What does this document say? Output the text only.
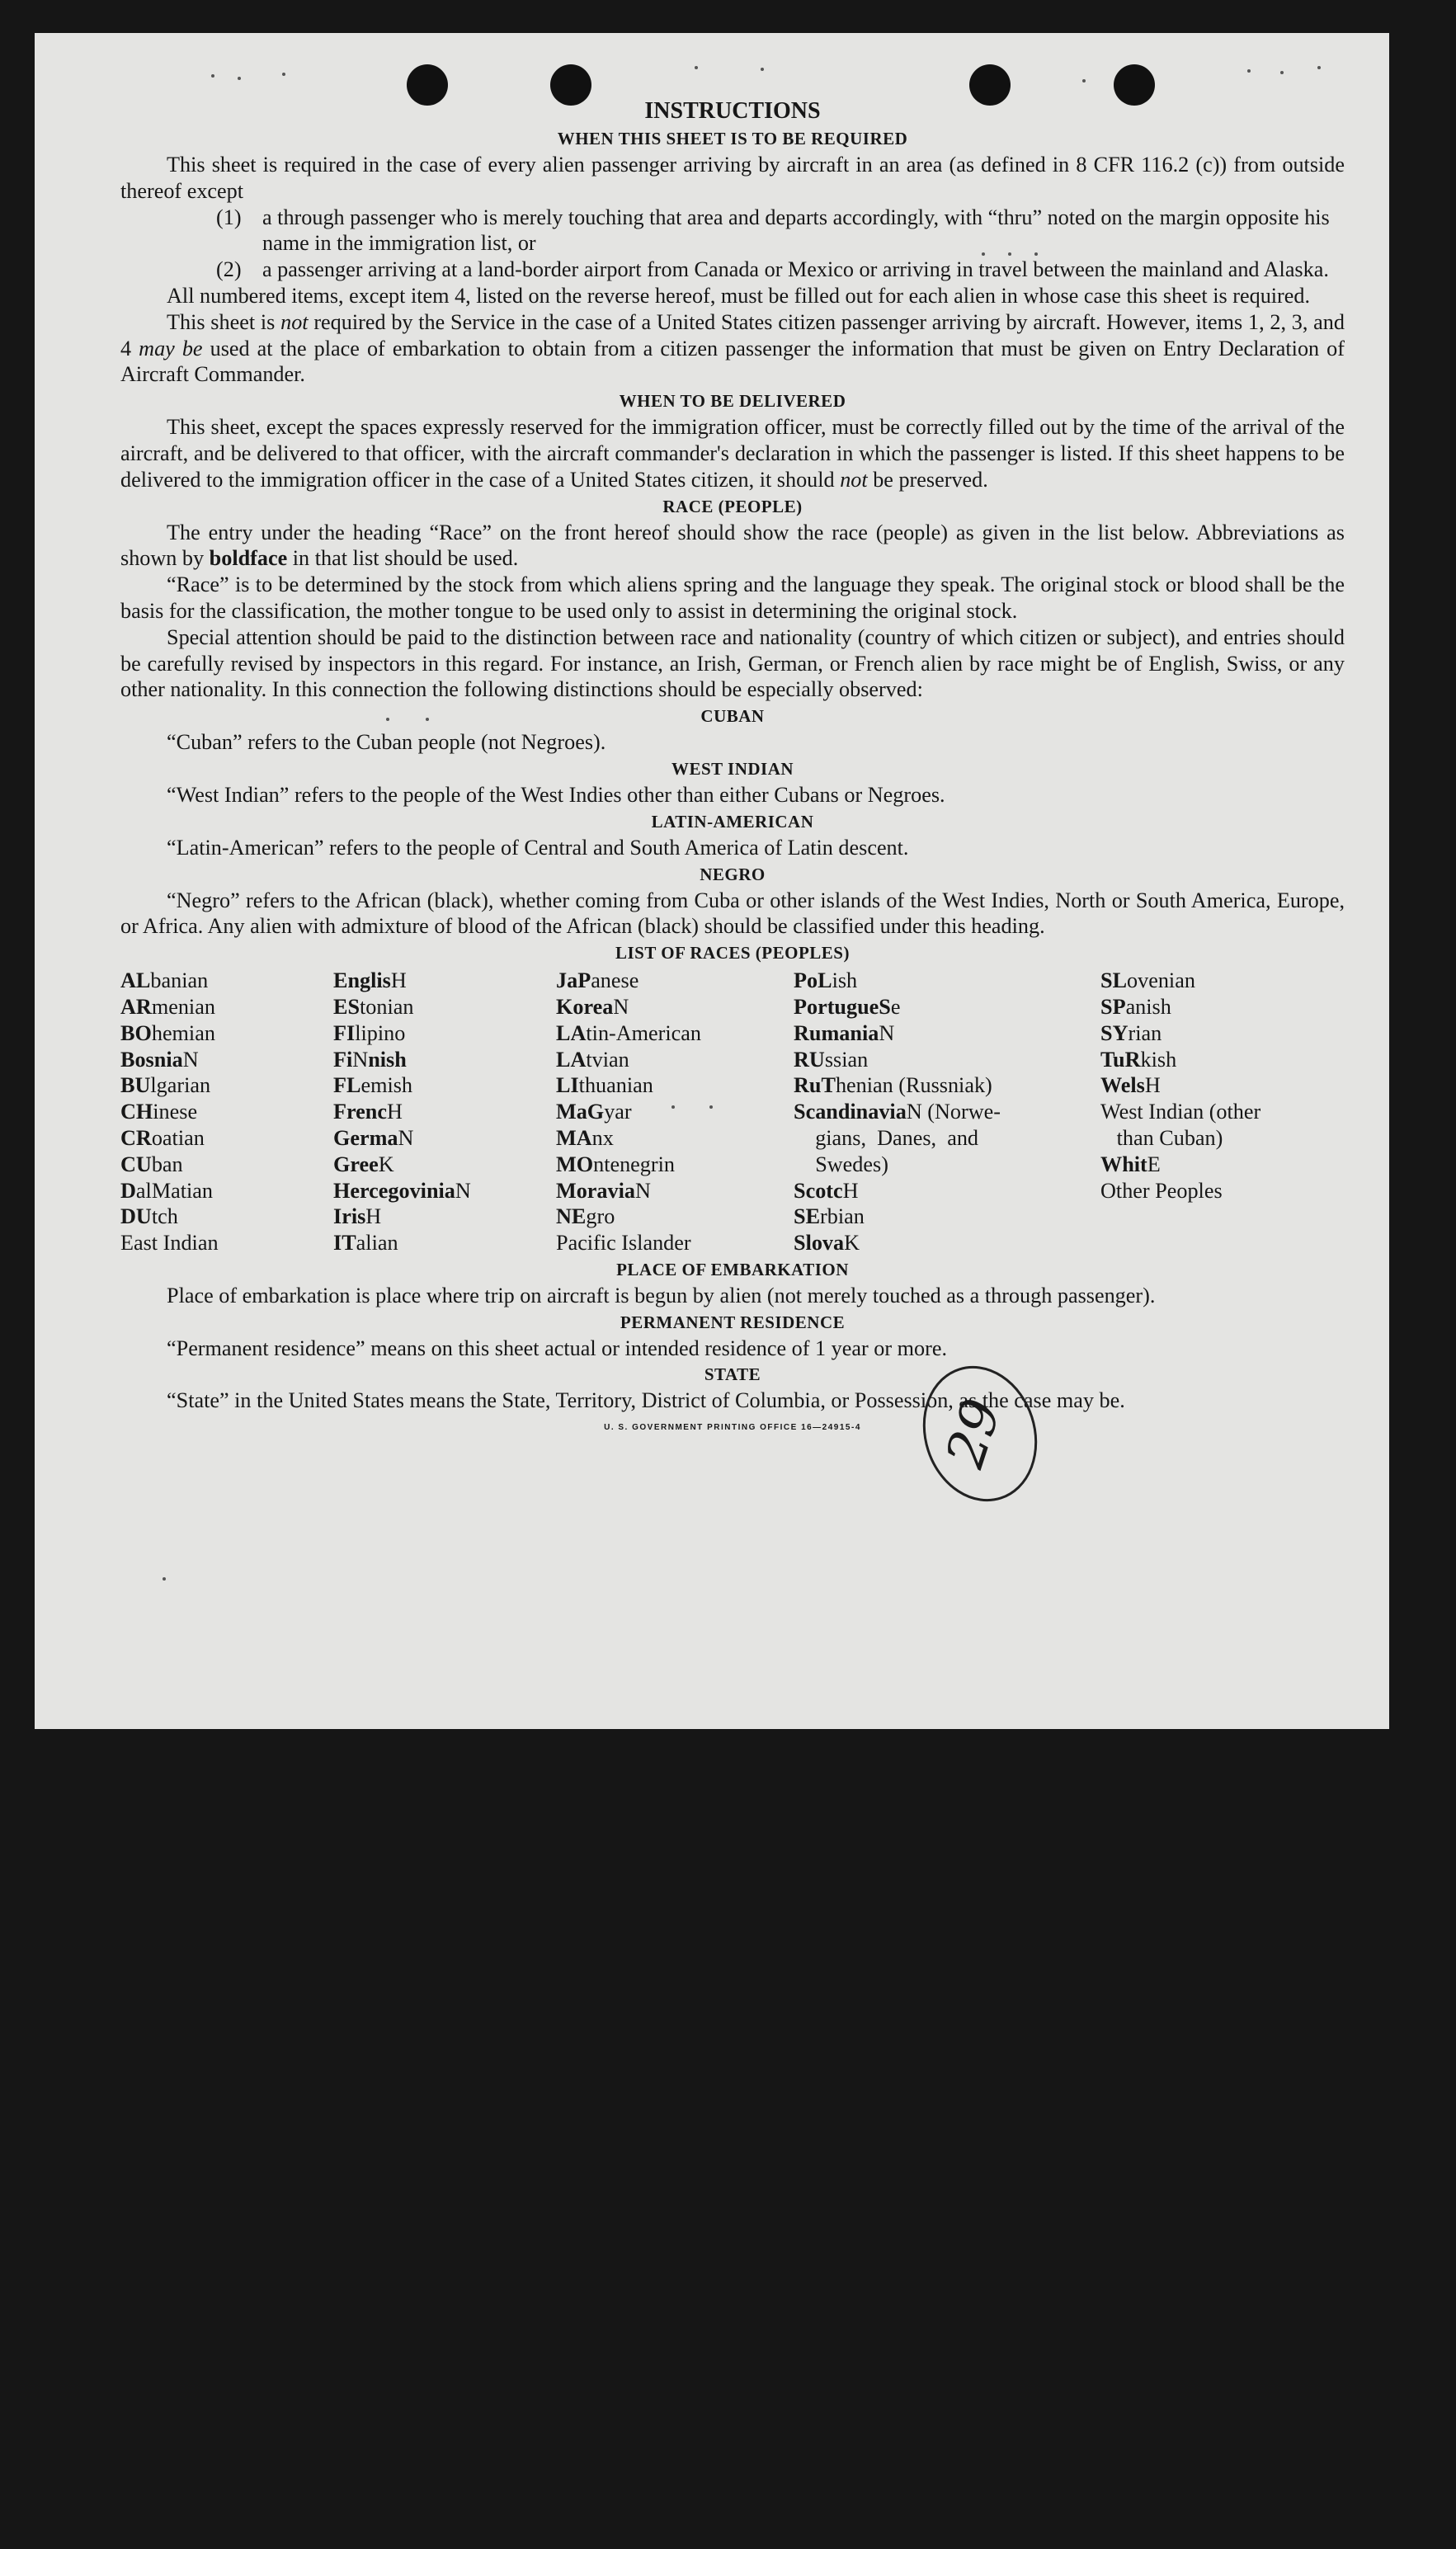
INSTRUCTIONS
WHEN THIS SHEET IS TO BE REQUIRED

This sheet is required in the case of every alien passenger arriving by aircraft in an area (as defined in 8 CFR 116.2 (c)) from outside thereof except

(1) a through passenger who is merely touching that area and departs accordingly, with “thru” noted on the margin opposite his name in the immigration list, or

(2) a passenger arriving at a land-border airport from Canada or Mexico or arriving in travel between the mainland and Alaska.

All numbered items, except item 4, listed on the reverse hereof, must be filled out for each alien in whose case this sheet is required.

This sheet is not required by the Service in the case of a United States citizen passenger arriving by aircraft. However, items 1, 2, 3, and 4 may be used at the place of embarkation to obtain from a citizen passenger the information that must be given on Entry Declaration of Aircraft Commander.

WHEN TO BE DELIVERED

This sheet, except the spaces expressly reserved for the immigration officer, must be correctly filled out by the time of the arrival of the aircraft, and be delivered to that officer, with the aircraft commander's declaration in which the passenger is listed. If this sheet happens to be delivered to the immigration officer in the case of a United States citizen, it should not be preserved.

RACE (PEOPLE)

The entry under the heading “Race” on the front hereof should show the race (people) as given in the list below. Abbreviations as shown by boldface in that list should be used.

“Race” is to be determined by the stock from which aliens spring and the language they speak. The original stock or blood shall be the basis for the classification, the mother tongue to be used only to assist in determining the original stock.

Special attention should be paid to the distinction between race and nationality (country of which citizen or subject), and entries should be carefully revised by inspectors in this regard. For instance, an Irish, German, or French alien by race might be of English, Swiss, or any other nationality. In this connection the following distinctions should be especially observed:

CUBAN

“Cuban” refers to the Cuban people (not Negroes).

WEST INDIAN

“West Indian” refers to the people of the West Indies other than either Cubans or Negroes.

LATIN-AMERICAN

“Latin-American” refers to the people of Central and South America of Latin descent.

NEGRO

“Negro” refers to the African (black), whether coming from Cuba or other islands of the West Indies, North or South America, Europe, or Africa. Any alien with admixture of blood of the African (black) should be classified under this heading.

LIST OF RACES (PEOPLES)
ALbanian
ARmenian
BOhemian
BosniaN
BUlgarian
CHinese
CRoatian
CUban
DalMatian
DUtch
East Indian
EnglisH
EStonian
FIlipino
FiNnish
FLemish
FrencH
GermaN
GreeK
HercegoviniaN
IrisH
ITalian
JaPanese
KoreaN
LAtin-American
LAtvian
LIthuanian
MaGyar
MAnx
MOntenegrin
MoraviaN
NEgro
Pacific Islander
PoLish
PortugueSe
RumaniaN
RUssian
RuThenian (Russniak)
ScandinaviaN (Norwe-
gians,  Danes,  and
Swedes)
ScotcH
SErbian
SlovaK
SLovenian
SPanish
SYrian
TuRkish
WelsH
West Indian (other
than Cuban)
WhitE
Other Peoples
PLACE OF EMBARKATION

Place of embarkation is place where trip on aircraft is begun by alien (not merely touched as a through passenger).

PERMANENT RESIDENCE

“Permanent residence” means on this sheet actual or intended residence of 1 year or more.

STATE

“State” in the United States means the State, Territory, District of Columbia, or Possession, as the case may be.

U. S. GOVERNMENT PRINTING OFFICE 16—24915-4	29
